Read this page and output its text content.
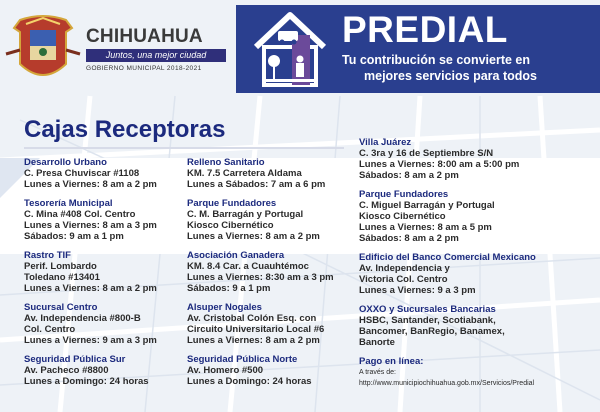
CHIHUAHUA
Juntos, una mejor ciudad
GOBIERNO MUNICIPAL 2018-2021
PREDIAL
Tu contribución se convierte en
mejores servicios para todos
Cajas Receptoras
Desarrollo Urbano
C. Presa Chuviscar #1108
Lunes a Viernes: 8 am a 2 pm
Tesorería Municipal
C. Mina #408 Col. Centro
Lunes a Viernes: 8 am a 3 pm
Sábados: 9 am a 1 pm
Rastro TIF
Perif. Lombardo
Toledano #13401
Lunes a Viernes: 8 am a 2 pm
Sucursal Centro
Av. Independencia #800-B
Col. Centro
Lunes a Viernes: 9 am a 3 pm
Seguridad Pública Sur
Av. Pacheco #8800
Lunes a Domingo: 24 horas
Relleno Sanitario
KM. 7.5 Carretera Aldama
Lunes a Sábados: 7 am a 6 pm
Parque Fundadores
C. M. Barragán y Portugal
Kiosco Cibernético
Lunes a Viernes: 8 am a 2 pm
Asociación Ganadera
KM. 8.4 Car. a Cuauhtémoc
Lunes a Viernes: 8:30 am a 3 pm
Sábados: 9 a 1 pm
Alsuper Nogales
Av. Cristobal Colón Esq. con
Circuito Universitario Local #6
Lunes a Viernes: 8 am a 2 pm
Seguridad Pública Norte
Av. Homero #500
Lunes a Domingo: 24 horas
Villa Juárez
C. 3ra y 16 de Septiembre S/N
Lunes a Viernes: 8:00 am a 5:00 pm
Sábados: 8 am a 2 pm
Parque Fundadores
C. Miguel Barragán y Portugal
Kiosco Cibernético
Lunes a Viernes: 8 am a 5 pm
Sábados: 8 am a 2 pm
Edificio del Banco Comercial Mexicano
Av. Independencia y
Victoria Col. Centro
Lunes a Viernes: 9 a 3 pm
OXXO y Sucursales Bancarias
HSBC, Santander, Scotiabank,
Bancomer, BanRegio, Banamex,
Banorte
Pago en línea:
A través de:
http://www.municipiochihuahua.gob.mx/Servicios/Predial
